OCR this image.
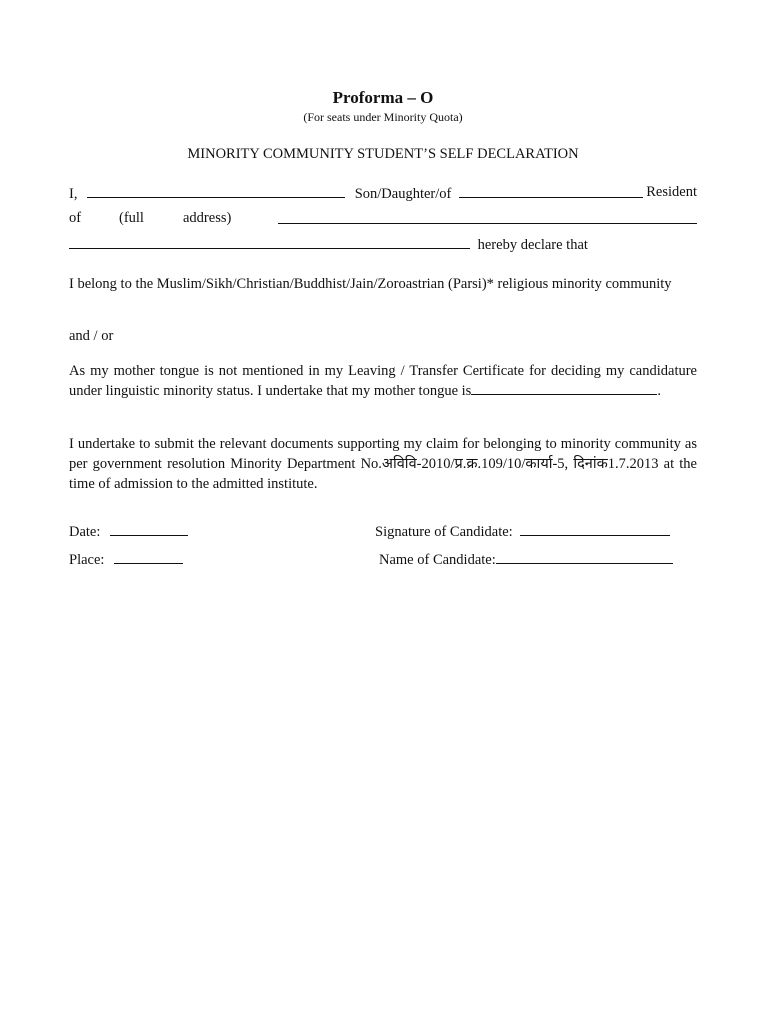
Proforma – O
(For seats under Minority Quota)
MINORITY COMMUNITY STUDENT’S SELF DECLARATION
I,	Son/Daughter/of	Resident
of	(full	address)
hereby declare that
I belong to the Muslim/Sikh/Christian/Buddhist/Jain/Zoroastrian (Parsi)* religious minority community
and / or
As my mother tongue is not mentioned in my Leaving / Transfer Certificate for deciding my candidature under linguistic minority status. I undertake that my mother tongue is	.
I undertake to submit the relevant documents supporting my claim for belonging to minority community as per government resolution Minority Department No.अविवि-2010/प्र.क्र.109/10/कार्या-5, दिनांक1.7.2013 at the time of admission to the admitted institute.
Date:	Signature of Candidate:
Place:	Name of Candidate:
